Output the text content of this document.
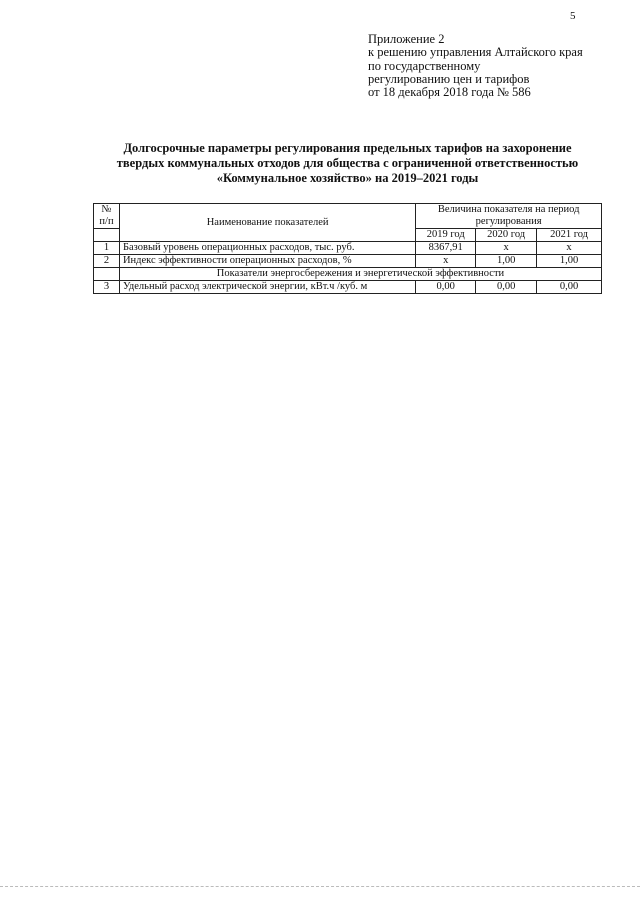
5
Приложение 2
к решению управления Алтайского края
по государственному
регулированию цен и тарифов
от 18 декабря 2018 года № 586
Долгосрочные параметры регулирования предельных тарифов на захоронение
твердых коммунальных отходов для общества с ограниченной ответственностью
«Коммунальное хозяйство» на 2019–2021 годы
№ п/п	Наименование показателей	Величина показателя на период регулирования		

		2019 год	2020 год	2021 год
1	Базовый уровень операционных расходов, тыс. руб.	8367,91	x	x
2	Индекс эффективности операционных расходов, %	x	1,00	1,00
	Показатели энергосбережения и энергетической эффективности			
3	Удельный расход электрической энергии, кВт.ч /куб. м	0,00	0,00	0,00
